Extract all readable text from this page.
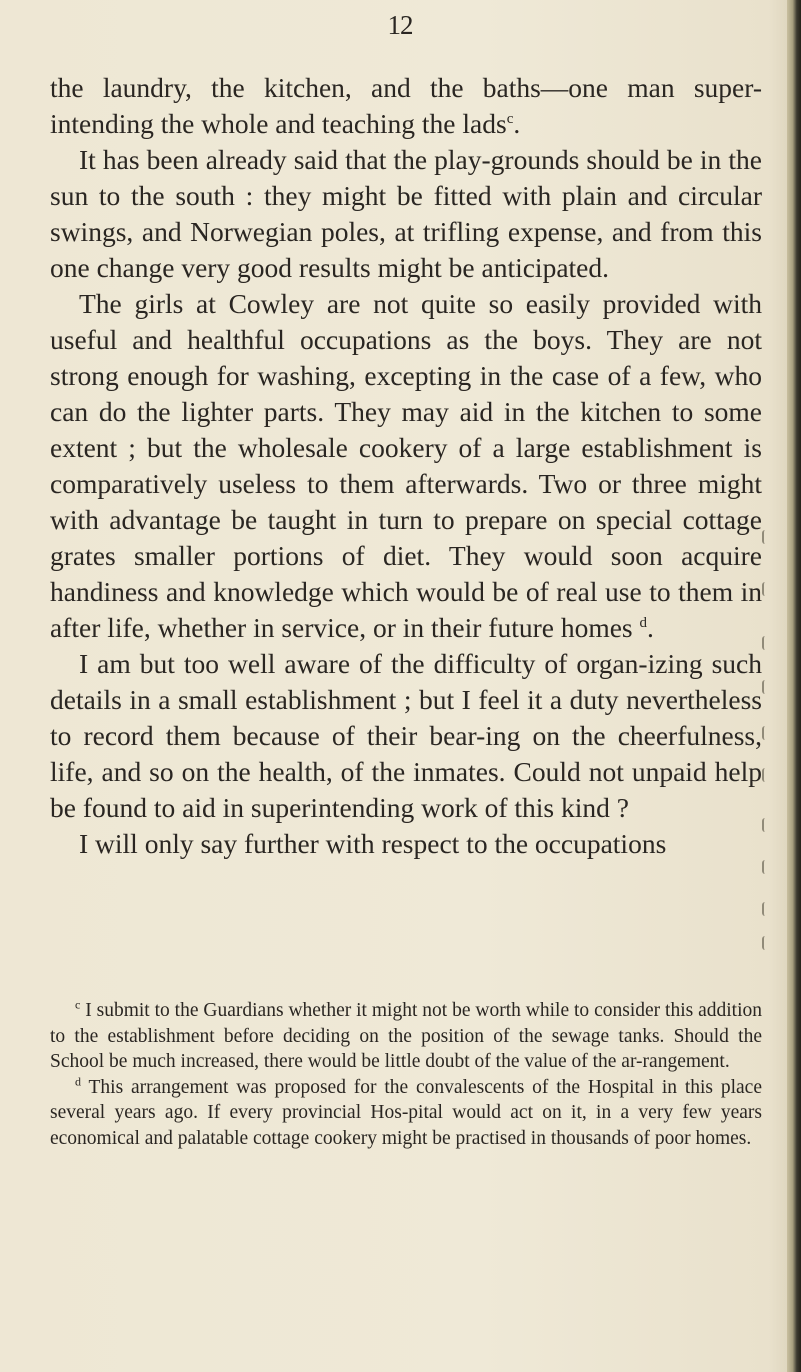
12

the laundry, the kitchen, and the baths—one man super-intending the whole and teaching the lads$^c$.

It has been already said that the play-grounds should be in the sun to the south : they might be fitted with plain and circular swings, and Norwegian poles, at trifling expense, and from this one change very good results might be anticipated.

The girls at Cowley are not quite so easily provided with useful and healthful occupations as the boys. They are not strong enough for washing, excepting in the case of a few, who can do the lighter parts. They may aid in the kitchen to some extent ; but the wholesale cookery of a large establishment is comparatively useless to them afterwards. Two or three might with advantage be taught in turn to prepare on special cottage grates smaller portions of diet. They would soon acquire handiness and knowledge which would be of real use to them in after life, whether in service, or in their future homes $^d$.

I am but too well aware of the difficulty of organ-izing such details in a small establishment ; but I feel it a duty nevertheless to record them because of their bear-ing on the cheerfulness, life, and so on the health, of the inmates. Could not unpaid help be found to aid in superintending work of this kind ?

I will only say further with respect to the occupations

$^c$ I submit to the Guardians whether it might not be worth while to consider this addition to the establishment before deciding on the position of the sewage tanks. Should the School be much increased, there would be little doubt of the value of the ar-rangement.

$^d$ This arrangement was proposed for the convalescents of the Hospital in this place several years ago. If every provincial Hos-pital would act on it, in a very few years economical and palatable cottage cookery might be practised in thousands of poor homes.
